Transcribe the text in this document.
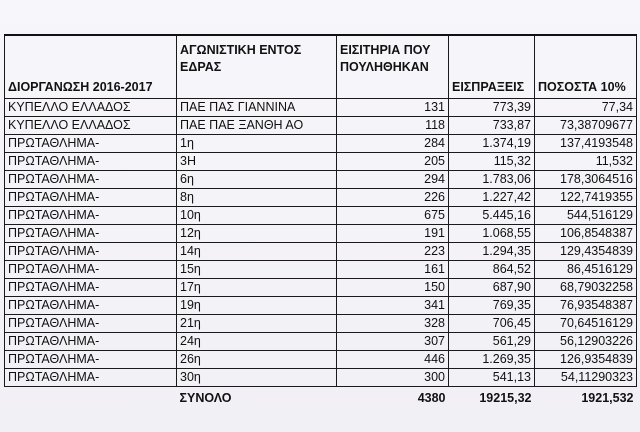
ΔΙΟΡΓΑΝΩΣΗ 2016-2017	ΑΓΩΝΙΣΤΙΚΗ ΕΝΤΟΣ ΕΔΡΑΣ	ΕΙΣΙΤΗΡΙΑ ΠΟΥ ΠΟΥΛΗΘΗΚΑΝ	ΕΙΣΠΡΑΞΕΙΣ	ΠΟΣΟΣΤΑ 10%
ΚΥΠΕΛΛΟ ΕΛΛΑΔΟΣ	ΠΑΕ ΠΑΣ ΓΙΑΝΝΙΝΑ	131	773,39	77,34
ΚΥΠΕΛΛΟ ΕΛΛΑΔΟΣ	ΠΑΕ ΠΑΕ ΞΑΝΘΗ ΑΟ	118	733,87	73,38709677
ΠΡΩΤΑΘΛΗΜΑ-	1η	284	1.374,19	137,4193548
ΠΡΩΤΑΘΛΗΜΑ-	3Η	205	115,32	11,532
ΠΡΩΤΑΘΛΗΜΑ-	6η	294	1.783,06	178,3064516
ΠΡΩΤΑΘΛΗΜΑ-	8η	226	1.227,42	122,7419355
ΠΡΩΤΑΘΛΗΜΑ-	10η	675	5.445,16	544,516129
ΠΡΩΤΑΘΛΗΜΑ-	12η	191	1.068,55	106,8548387
ΠΡΩΤΑΘΛΗΜΑ-	14η	223	1.294,35	129,4354839
ΠΡΩΤΑΘΛΗΜΑ-	15η	161	864,52	86,4516129
ΠΡΩΤΑΘΛΗΜΑ-	17η	150	687,90	68,79032258
ΠΡΩΤΑΘΛΗΜΑ-	19η	341	769,35	76,93548387
ΠΡΩΤΑΘΛΗΜΑ-	21η	328	706,45	70,64516129
ΠΡΩΤΑΘΛΗΜΑ-	24η	307	561,29	56,12903226
ΠΡΩΤΑΘΛΗΜΑ-	26η	446	1.269,35	126,9354839
ΠΡΩΤΑΘΛΗΜΑ-	30η	300	541,13	54,11290323
	ΣΥΝΟΛΟ	4380	19215,32	1921,532
